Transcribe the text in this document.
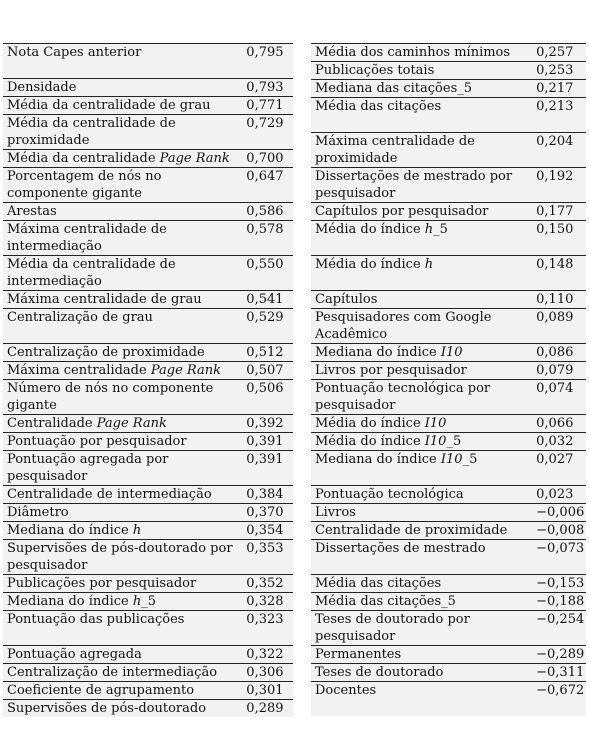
Nota Capes anterior	0,795
Densidade	0,793
Média da centralidade de grau	0,771
Média da centralidade de proximidade	0,729
Média da centralidade Page Rank	0,700
Porcentagem de nós no componente gigante	0,647
Arestas	0,586
Máxima centralidade de intermediação	0,578
Média da centralidade de intermediação	0,550
Máxima centralidade de grau	0,541
Centralização de grau	0,529
Centralização de proximidade	0,512
Máxima centralidade Page Rank	0,507
Número de nós no componente gigante	0,506
Centralidade Page Rank	0,392
Pontuação por pesquisador	0,391
Pontuação agregada por pesquisador	0,391
Centralidade de intermediação	0,384
Diâmetro	0,370
Mediana do índice h	0,354
Supervisões de pós-doutorado por pesquisador	0,353
Publicações por pesquisador	0,352
Mediana do índice h_5	0,328
Pontuação das publicações	0,323
Pontuação agregada	0,322
Centralização de intermediação	0,306
Coeficiente de agrupamento	0,301
Supervisões de pós-doutorado	0,289
Média dos caminhos mínimos	0,257
Publicações totais	0,253
Mediana das citações_5	0,217
Média das citações	0,213
Máxima centralidade de proximidade	0,204
Dissertações de mestrado por pesquisador	0,192
Capítulos por pesquisador	0,177
Média do índice h_5	0,150
Média do índice h	0,148
Capítulos	0,110
Pesquisadores com Google Acadêmico	0,089
Mediana do índice I10	0,086
Livros por pesquisador	0,079
Pontuação tecnológica por pesquisador	0,074
Média do índice I10	0,066
Média do índice I10_5	0,032
Mediana do índice I10_5	0,027
Pontuação tecnológica	0,023
Livros	−0,006
Centralidade de proximidade	−0,008
Dissertações de mestrado	−0,073
Média das citações	−0,153
Média das citações_5	−0,188
Teses de doutorado por pesquisador	−0,254
Permanentes	−0,289
Teses de doutorado	−0,311
Docentes	−0,672
